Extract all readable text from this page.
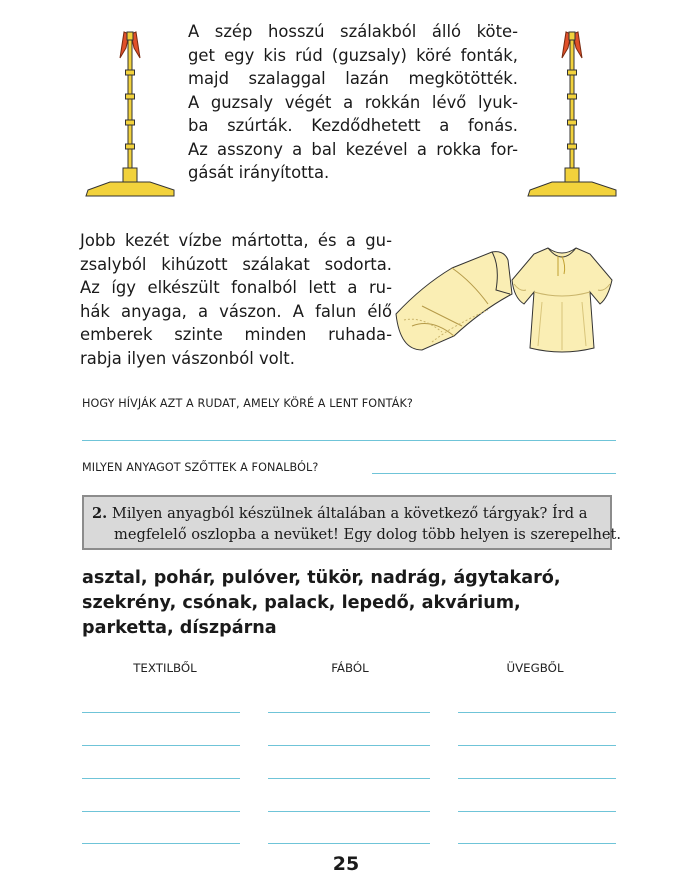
A szép hosszú szálakból álló köte-
get egy kis rúd (guzsaly) köré fonták,
majd szalaggal lazán megkötötték.
A guzsaly végét a rokkán lévő lyuk-
ba szúrták. Kezdődhetett a fonás.
Az asszony a bal kezével a rokka for-
gását irányította.
Jobb kezét vízbe mártotta, és a gu-
zsalyból kihúzott szálakat sodorta.
Az így elkészült fonalból lett a ru-
hák anyaga, a vászon. A falun élő
emberek szinte minden ruhada-
rabja ilyen vászonból volt.
HOGY HÍVJÁK AZT A RUDAT, AMELY KÖRÉ A LENT FONTÁK?
MILYEN ANYAGOT SZŐTTEK A FONALBÓL?

2. Milyen anyagból készülnek általában a következő tárgyak? Írd a
megfelelő oszlopba a nevüket! Egy dolog több helyen is szerepelhet.

asztal, pohár, pulóver, tükör, nadrág, ágytakaró,
szekrény, csónak, palack, lepedő, akvárium,
parketta, díszpárna
TEXTILBŐL	FÁBÓL	ÜVEGBŐL
25
